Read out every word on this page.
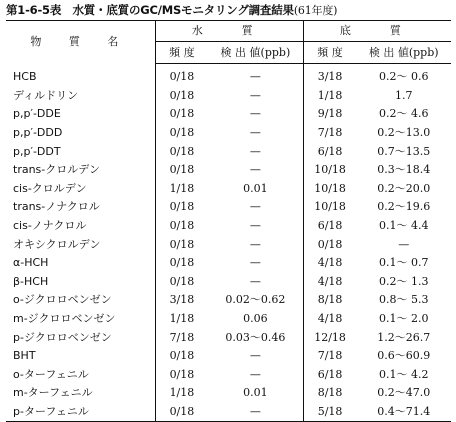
第1-6-5表　水質・底質のGC/MSモニタリング調査結果(61年度)
物 質 名	水　質		底　質	
	頻 度	検 出 値(ppb)	頻 度	検 出 値(ppb)
HCB	0/18	—	3/18	0.2～ 0.6
ディルドリン	0/18	—	1/18	1.7
p,p′-DDE	0/18	—	9/18	0.2～ 4.6
p,p′-DDD	0/18	—	7/18	0.2～13.0
p,p′-DDT	0/18	—	6/18	0.7～13.5
trans-クロルデン	0/18	—	10/18	0.3～18.4
cis-クロルデン	1/18	0.01	10/18	0.2～20.0
trans-ノナクロル	0/18	—	10/18	0.2～19.6
cis-ノナクロル	0/18	—	6/18	0.1～ 4.4
オキシクロルデン	0/18	—	0/18	—
α-HCH	0/18	—	4/18	0.1～ 0.7
β-HCH	0/18	—	4/18	0.2～ 1.3
o-ジクロロベンゼン	3/18	0.02～0.62	8/18	0.8～ 5.3
m-ジクロロベンゼン	1/18	0.06	4/18	0.1～ 2.0
p-ジクロロベンゼン	7/18	0.03～0.46	12/18	1.2～26.7
BHT	0/18	—	7/18	0.6～60.9
o-ターフェニル	0/18	—	6/18	0.1～ 4.2
m-ターフェニル	1/18	0.01	8/18	0.2～47.0
p-ターフェニル	0/18	—	5/18	0.4～71.4
